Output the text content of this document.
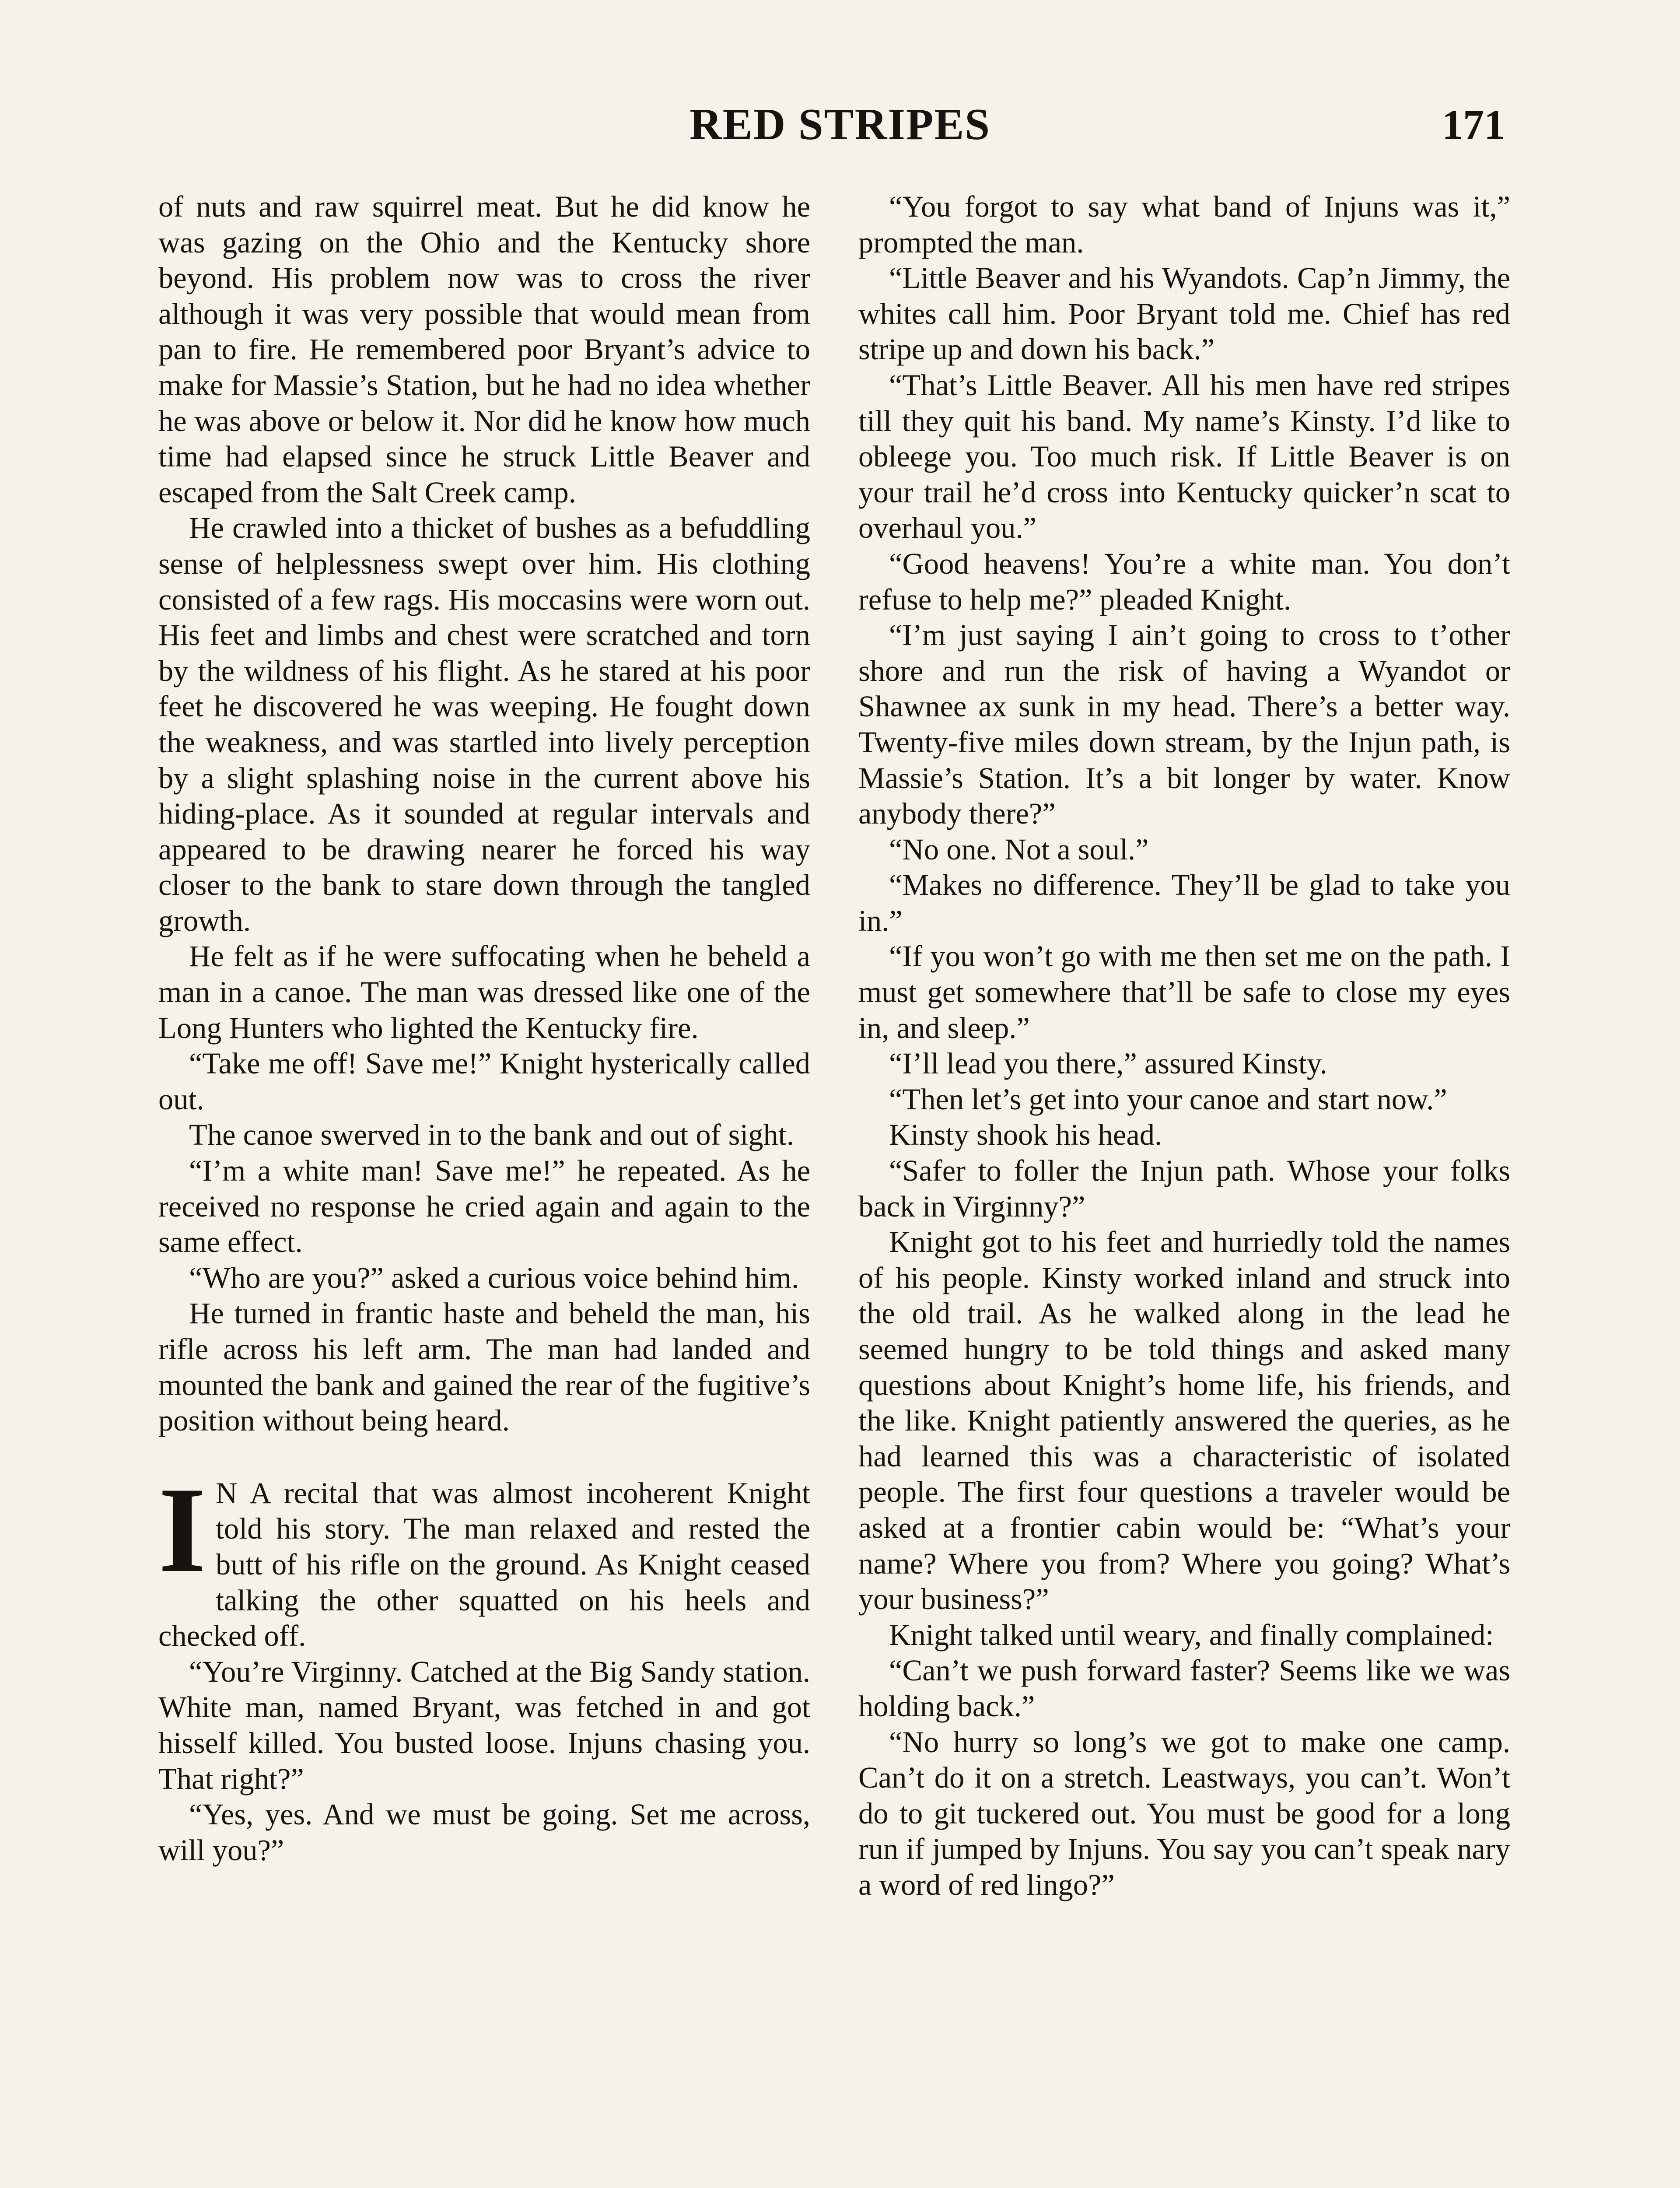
RED STRIPES	171

of nuts and raw squirrel meat. But he did know he was gazing on the Ohio and the Kentucky shore beyond. His problem now was to cross the river although it was very possible that would mean from pan to fire. He remembered poor Bryant’s advice to make for Massie’s Station, but he had no idea whether he was above or below it. Nor did he know how much time had elapsed since he struck Little Beaver and escaped from the Salt Creek camp.

He crawled into a thicket of bushes as a befuddling sense of helplessness swept over him. His clothing consisted of a few rags. His moccasins were worn out. His feet and limbs and chest were scratched and torn by the wildness of his flight. As he stared at his poor feet he discovered he was weeping. He fought down the weakness, and was startled into lively perception by a slight splashing noise in the current above his hiding-place. As it sounded at regular intervals and appeared to be drawing nearer he forced his way closer to the bank to stare down through the tangled growth.

He felt as if he were suffocating when he beheld a man in a canoe. The man was dressed like one of the Long Hunters who lighted the Kentucky fire.

“Take me off! Save me!” Knight hysterically called out.

The canoe swerved in to the bank and out of sight.

“I’m a white man! Save me!” he repeated. As he received no response he cried again and again to the same effect.

“Who are you?” asked a curious voice behind him.

He turned in frantic haste and beheld the man, his rifle across his left arm. The man had landed and mounted the bank and gained the rear of the fugitive’s position without being heard.

I N A recital that was almost incoherent Knight told his story. The man relaxed and rested the butt of his rifle on the ground. As Knight ceased talking the other squatted on his heels and checked off.

“You’re Virginny. Catched at the Big Sandy station. White man, named Bryant, was fetched in and got hisself killed. You busted loose. Injuns chasing you. That right?”

“Yes, yes. And we must be going. Set me across, will you?”

“You forgot to say what band of Injuns was it,” prompted the man.

“Little Beaver and his Wyandots. Cap’n Jimmy, the whites call him. Poor Bryant told me. Chief has red stripe up and down his back.”

“That’s Little Beaver. All his men have red stripes till they quit his band. My name’s Kinsty. I’d like to obleege you. Too much risk. If Little Beaver is on your trail he’d cross into Kentucky quicker’n scat to overhaul you.”

“Good heavens! You’re a white man. You don’t refuse to help me?” pleaded Knight.

“I’m just saying I ain’t going to cross to t’other shore and run the risk of having a Wyandot or Shawnee ax sunk in my head. There’s a better way. Twenty-five miles down stream, by the Injun path, is Massie’s Station. It’s a bit longer by water. Know anybody there?”

“No one. Not a soul.”

“Makes no difference. They’ll be glad to take you in.”

“If you won’t go with me then set me on the path. I must get somewhere that’ll be safe to close my eyes in, and sleep.”

“I’ll lead you there,” assured Kinsty.

“Then let’s get into your canoe and start now.”

Kinsty shook his head.

“Safer to foller the Injun path. Whose your folks back in Virginny?”

Knight got to his feet and hurriedly told the names of his people. Kinsty worked inland and struck into the old trail. As he walked along in the lead he seemed hungry to be told things and asked many questions about Knight’s home life, his friends, and the like. Knight patiently answered the queries, as he had learned this was a characteristic of isolated people. The first four questions a traveler would be asked at a frontier cabin would be: “What’s your name? Where you from? Where you going? What’s your business?”

Knight talked until weary, and finally complained:

“Can’t we push forward faster? Seems like we was holding back.”

“No hurry so long’s we got to make one camp. Can’t do it on a stretch. Leastways, you can’t. Won’t do to git tuckered out. You must be good for a long run if jumped by Injuns. You say you can’t speak nary a word of red lingo?”
